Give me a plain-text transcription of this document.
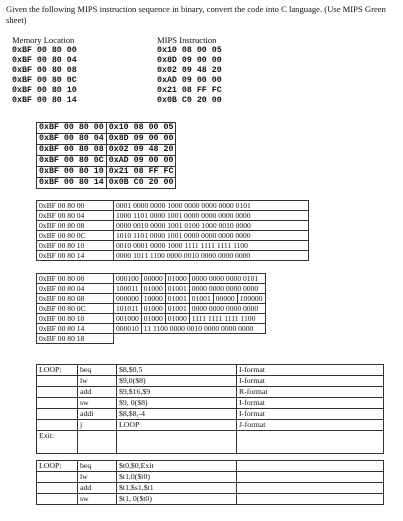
Given the following MIPS instruction sequence in binary, convert the code into C language. (Use MIPS Green sheet)
Memory Location	MIPS Instruction
0xBF 00 80 00	0x10 08 00 05
0xBF 00 80 04	0x8D 09 00 00
0xBF 00 80 08	0x02 09 48 20
0xBF 00 80 0C	0xAD 09 00 00
0xBF 00 80 10	0x21 08 FF FC
0xBF 00 80 14	0x0B C0 20 00
0xBF 00 80 00	0x10 08 00 05
0xBF 00 80 04	0x8D 09 00 00
0xBF 00 80 08	0x02 09 48 20
0xBF 00 80 0C	0xAD 09 00 00
0xBF 00 80 10	0x21 08 FF FC
0xBF 00 80 14	0x0B C0 20 00
0xBF 00 80 00	0001 0000 0000 1000 0000 0000 0000 0101
0xBF 00 80 04	1000 1101 0000 1001 0000 0000 0000 0000
0xBF 00 80 08	0000 0010 0000 1001 0100 1000 0010 0000
0xBF 00 80 0C	1010 1101 0000 1001 0000 0000 0000 0000
0xBF 00 80 10	0010 0001 0000 1000 1111 1111 1111 1100
0xBF 00 80 14	0000 1011 1100 0000 0010 0000 0000 0000
0xBF 00 80 00	000100	00000	01000	0000 0000 0000 0101		
0xBF 00 80 04	100011	01000	01001	0000 0000 0000 0000		
0xBF 00 80 08	000000	10000	01001	01001	00000	100000
0xBF 00 80 0C	101011	01000	01001	0000 0000 0000 0000		
0xBF 00 80 10	001000	01000	01000	1111 1111 1111 1100		
0xBF 00 80 14	000010	11 1100 0000 0010 0000 0000 0000				
0xBF 00 80 18						
LOOP:	beq	$8,$0,5	I-format
	lw	$9,0($8)	I-format
	add	$9,$16,$9	R-format
	sw	$9, 0($8)	I-format
	addi	$8,$8,-4	I-format
	j	LOOP	J-format
Exit:			
LOOP:	beq	$t0,$0,Exit	
	lw	$t1,0($t0)	
	add	$t1,$s1,$t1	
	sw	$t1, 0($t0)	
